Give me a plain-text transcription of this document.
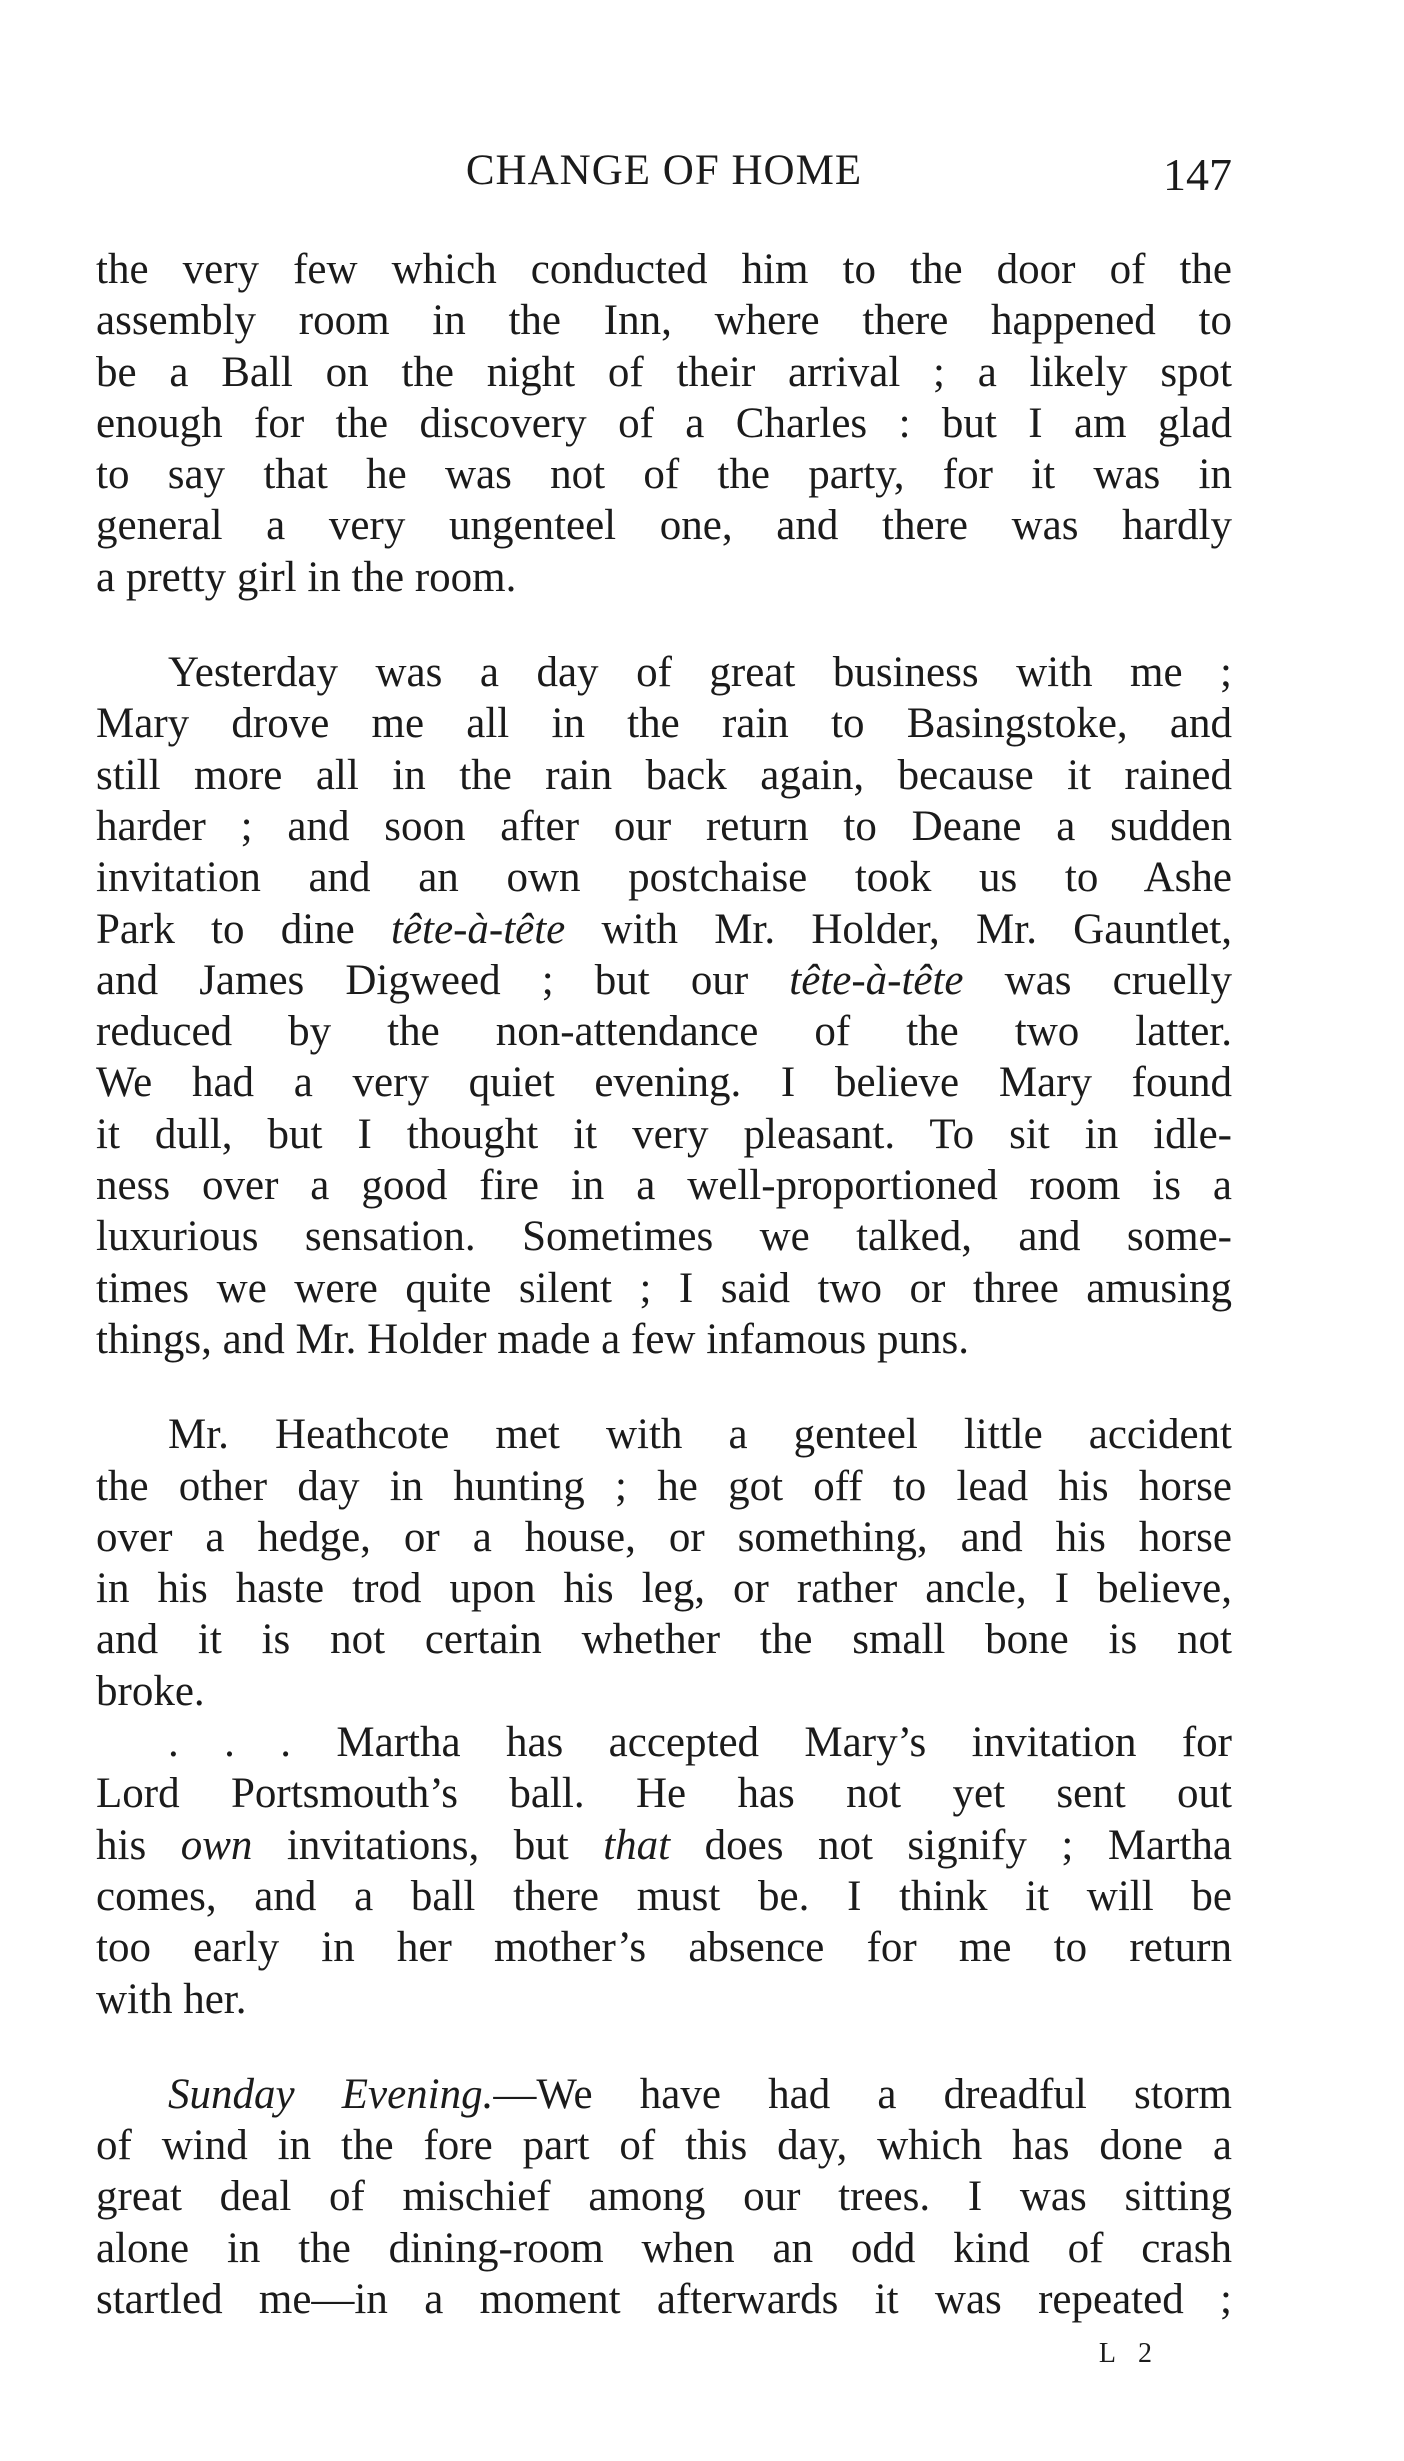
CHANGE OF HOME	147
the very few which conducted him to the door of the
assembly room in the Inn, where there happened to
be a Ball on the night of their arrival ; a likely spot
enough for the discovery of a Charles : but I am glad
to say that he was not of the party, for it was in
general a very ungenteel one, and there was hardly
a pretty girl in the room.
Yesterday was a day of great business with me ;
Mary drove me all in the rain to Basingstoke, and
still more all in the rain back again, because it rained
harder ; and soon after our return to Deane a sudden
invitation and an own postchaise took us to Ashe
Park to dine tête-à-tête with Mr. Holder, Mr. Gauntlet,
and James Digweed ; but our tête-à-tête was cruelly
reduced by the non-attendance of the two latter.
We had a very quiet evening. I believe Mary found
it dull, but I thought it very pleasant. To sit in idle-
ness over a good fire in a well-proportioned room is a
luxurious sensation. Sometimes we talked, and some-
times we were quite silent ; I said two or three amusing
things, and Mr. Holder made a few infamous puns.
Mr. Heathcote met with a genteel little accident
the other day in hunting ; he got off to lead his horse
over a hedge, or a house, or something, and his horse
in his haste trod upon his leg, or rather ancle, I believe,
and it is not certain whether the small bone is not
broke.
. . . Martha has accepted Mary’s invitation for
Lord Portsmouth’s ball. He has not yet sent out
his own invitations, but that does not signify ; Martha
comes, and a ball there must be. I think it will be
too early in her mother’s absence for me to return
with her.
Sunday Evening.—We have had a dreadful storm
of wind in the fore part of this day, which has done a
great deal of mischief among our trees. I was sitting
alone in the dining-room when an odd kind of crash
startled me—in a moment afterwards it was repeated ;
L 2
